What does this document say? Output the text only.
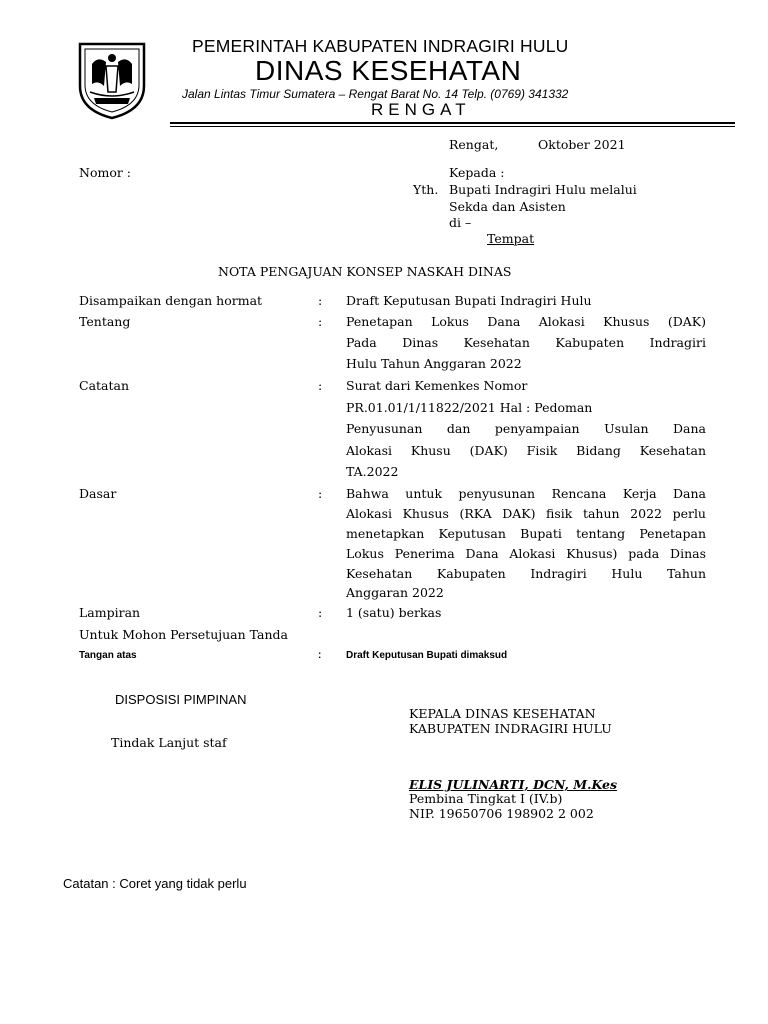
PEMERINTAH KABUPATEN INDRAGIRI HULU
DINAS KESEHATAN
Jalan Lintas Timur Sumatera – Rengat Barat No. 14 Telp. (0769) 341332
RENGAT
Rengat,	Oktober 2021
Nomor :	Kepada :
Yth. Bupati Indragiri Hulu melalui
Sekda dan Asisten
di –
Tempat
NOTA PENGAJUAN KONSEP NASKAH DINAS
Disampaikan dengan hormat	: Draft Keputusan Bupati Indragiri Hulu
Tentang	: Penetapan Lokus Dana Alokasi Khusus (DAK)
Pada Dinas Kesehatan Kabupaten Indragiri
Hulu Tahun Anggaran 2022
Catatan	: Surat dari Kemenkes Nomor
PR.01.01/1/11822/2021 Hal : Pedoman
Penyusunan dan penyampaian Usulan Dana
Alokasi Khusu (DAK) Fisik Bidang Kesehatan
TA.2022
Dasar	: Bahwa untuk penyusunan Rencana Kerja Dana
Alokasi Khusus (RKA DAK) fisik tahun 2022 perlu
menetapkan Keputusan Bupati tentang Penetapan
Lokus Penerima Dana Alokasi Khusus) pada Dinas
Kesehatan Kabupaten Indragiri Hulu Tahun
Anggaran 2022
Lampiran	: 1 (satu) berkas
Untuk Mohon Persetujuan Tanda
Tangan atas	: Draft Keputusan Bupati dimaksud
DISPOSISI PIMPINAN
Tindak Lanjut staf
KEPALA DINAS KESEHATAN
KABUPATEN INDRAGIRI HULU
ELIS JULINARTI, DCN, M.Kes
Pembina Tingkat I (IV.b)
NIP. 19650706 198902 2 002
Catatan : Coret yang tidak perlu
